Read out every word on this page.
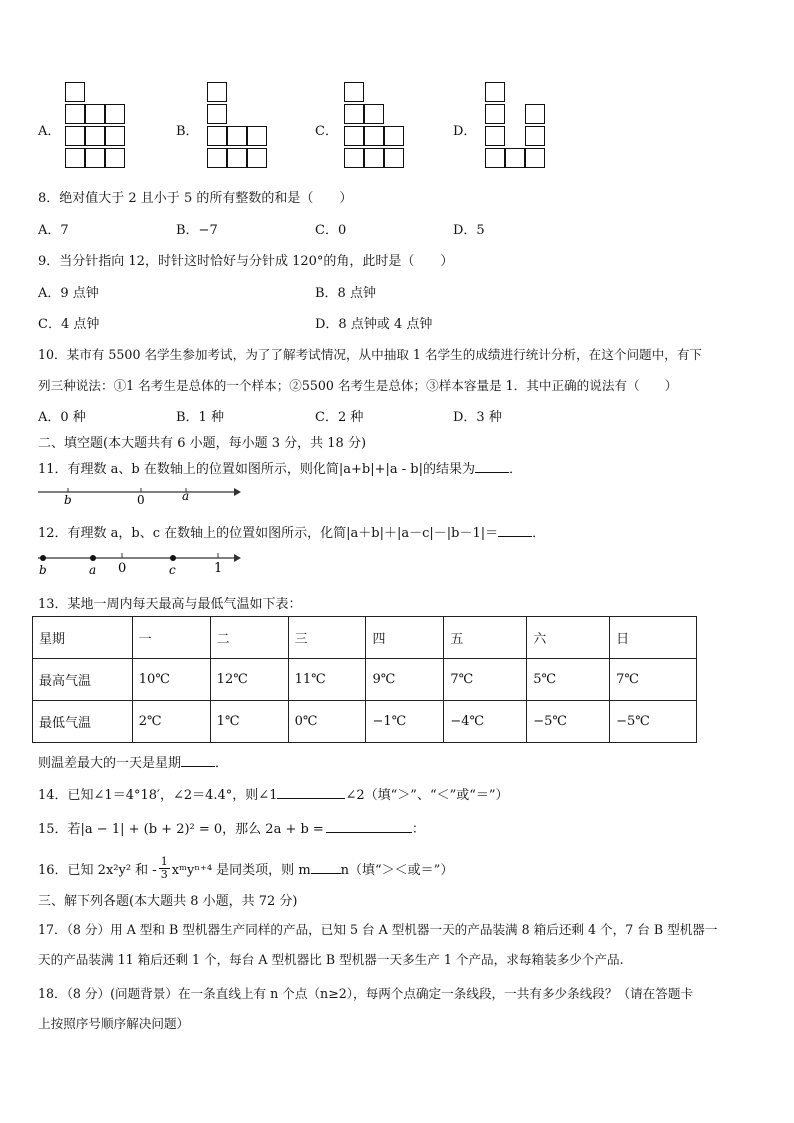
A．	B．	C．	D．
8．绝对值大于 2 且小于 5 的所有整数的和是（　　）
A．7	B．−7	C．0	D．5
9．当分针指向 12，时针这时恰好与分针成 120°的角，此时是（　　）
A．9 点钟	B．8 点钟
C．4 点钟	D．8 点钟或 4 点钟
10．某市有 5500 名学生参加考试，为了了解考试情况，从中抽取 1 名学生的成绩进行统计分析，在这个问题中，有下
列三种说法：①1 名考生是总体的一个样本；②5500 名考生是总体；③样本容量是 1．其中正确的说法有（　　）
A．0 种	B．1 种	C．2 种	D．3 种
二、填空题(本大题共有 6 小题，每小题 3 分，共 18 分)
11．有理数 a、b 在数轴上的位置如图所示，则化简|a+b|+|a - b|的结果为	．
b	0	a
12．有理数 a，b、c 在数轴上的位置如图所示，化简|a＋b|＋|a－c|－|b－1|＝	．
b	a 0	c	1
13．某地一周内每天最高与最低气温如下表：
星期	一	二	三	四	五	六	日
最高气温	10℃	12℃	11℃	9℃	7℃	5℃	7℃
最低气温	2℃	1℃	0℃	−1℃	−4℃	−5℃	−5℃
则温差最大的一天是星期	．
14．已知∠1＝4°18′，∠2＝4.4°，则∠1	∠2（填“＞”、“＜”或“＝”）
15．若|a − 1| + (b + 2)² = 0，那么 2a + b =	：
16．已知 2x²y² 和 - $\frac{1}{3}$ xᵐyⁿ⁺⁴ 是同类项，则 m n（填“＞＜或＝”）
三、解下列各题(本大题共 8 小题，共 72 分)
17．（8 分）用 A 型和 B 型机器生产同样的产品，已知 5 台 A 型机器一天的产品装满 8 箱后还剩 4 个，7 台 B 型机器一
天的产品装满 11 箱后还剩 1 个，每台 A 型机器比 B 型机器一天多生产 1 个产品，求每箱装多少个产品.
18．（8 分）(问题背景）在一条直线上有 n 个点（n≥2），每两个点确定一条线段，一共有多少条线段？（请在答题卡
上按照序号顺序解决问题）
